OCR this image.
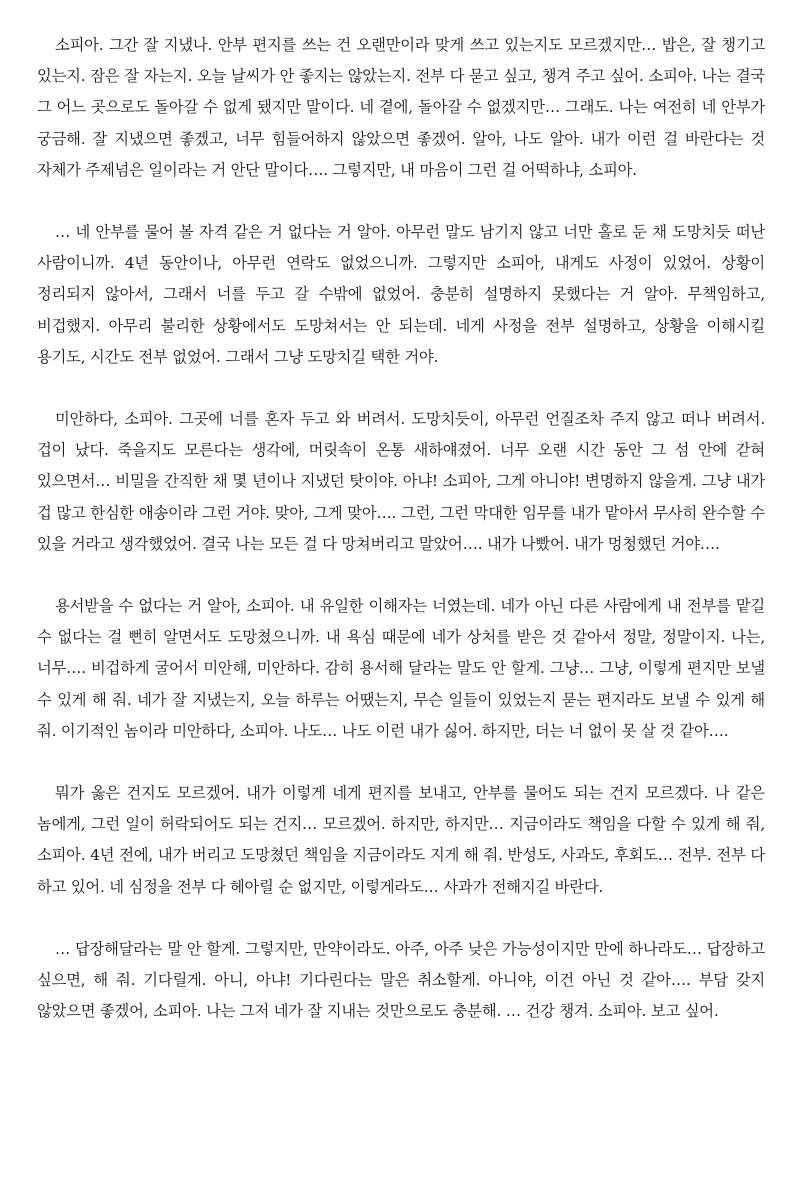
소피아. 그간 잘 지냈나. 안부 편지를 쓰는 건 오랜만이라 맞게 쓰고 있는지도 모르겠지만… 밥은, 잘 챙기고 있는지. 잠은 잘 자는지. 오늘 날씨가 안 좋지는 않았는지. 전부 다 묻고 싶고, 챙겨 주고 싶어. 소피아. 나는 결국 그 어느 곳으로도 돌아갈 수 없게 됐지만 말이다. 네 곁에, 돌아갈 수 없겠지만… 그래도. 나는 여전히 네 안부가 궁금해. 잘 지냈으면 좋겠고, 너무 힘들어하지 않았으면 좋겠어. 알아, 나도 알아. 내가 이런 걸 바란다는 것 자체가 주제넘은 일이라는 거 안단 말이다…. 그렇지만, 내 마음이 그런 걸 어떡하냐, 소피아.

… 네 안부를 물어 볼 자격 같은 거 없다는 거 알아. 아무런 말도 남기지 않고 너만 홀로 둔 채 도망치듯 떠난 사람이니까. 4년 동안이나, 아무런 연락도 없었으니까. 그렇지만 소피아, 내게도 사정이 있었어. 상황이 정리되지 않아서, 그래서 너를 두고 갈 수밖에 없었어. 충분히 설명하지 못했다는 거 알아. 무책임하고, 비겁했지. 아무리 불리한 상황에서도 도망쳐서는 안 되는데. 네게 사정을 전부 설명하고, 상황을 이해시킬 용기도, 시간도 전부 없었어. 그래서 그냥 도망치길 택한 거야.

미안하다, 소피아. 그곳에 너를 혼자 두고 와 버려서. 도망치듯이, 아무런 언질조차 주지 않고 떠나 버려서. 겁이 났다. 죽을지도 모른다는 생각에, 머릿속이 온통 새하얘졌어. 너무 오랜 시간 동안 그 섬 안에 갇혀 있으면서… 비밀을 간직한 채 몇 년이나 지냈던 탓이야. 아냐! 소피아, 그게 아니야! 변명하지 않을게. 그냥 내가 겁 많고 한심한 애송이라 그런 거야. 맞아, 그게 맞아…. 그런, 그런 막대한 임무를 내가 맡아서 무사히 완수할 수 있을 거라고 생각했었어. 결국 나는 모든 걸 다 망쳐버리고 말았어…. 내가 나빴어. 내가 멍청했던 거야….

용서받을 수 없다는 거 알아, 소피아. 내 유일한 이해자는 너였는데. 네가 아닌 다른 사람에게 내 전부를 맡길 수 없다는 걸 뻔히 알면서도 도망쳤으니까. 내 욕심 때문에 네가 상처를 받은 것 같아서 정말, 정말이지. 나는, 너무…. 비겁하게 굴어서 미안해, 미안하다. 감히 용서해 달라는 말도 안 할게. 그냥… 그냥, 이렇게 편지만 보낼 수 있게 해 줘. 네가 잘 지냈는지, 오늘 하루는 어땠는지, 무슨 일들이 있었는지 묻는 편지라도 보낼 수 있게 해 줘. 이기적인 놈이라 미안하다, 소피아. 나도… 나도 이런 내가 싫어. 하지만, 더는 너 없이 못 살 것 같아….

뭐가 옳은 건지도 모르겠어. 내가 이렇게 네게 편지를 보내고, 안부를 물어도 되는 건지 모르겠다. 나 같은 놈에게, 그런 일이 허락되어도 되는 건지… 모르겠어. 하지만, 하지만… 지금이라도 책임을 다할 수 있게 해 줘, 소피아. 4년 전에, 내가 버리고 도망쳤던 책임을 지금이라도 지게 해 줘. 반성도, 사과도, 후회도… 전부. 전부 다 하고 있어. 네 심정을 전부 다 헤아릴 순 없지만, 이렇게라도… 사과가 전해지길 바란다.

… 답장해달라는 말 안 할게. 그렇지만, 만약이라도. 아주, 아주 낮은 가능성이지만 만에 하나라도… 답장하고 싶으면, 해 줘. 기다릴게. 아니, 아냐! 기다린다는 말은 취소할게. 아니야, 이건 아닌 것 같아…. 부담 갖지 않았으면 좋겠어, 소피아. 나는 그저 네가 잘 지내는 것만으로도 충분해. … 건강 챙겨. 소피아. 보고 싶어.
